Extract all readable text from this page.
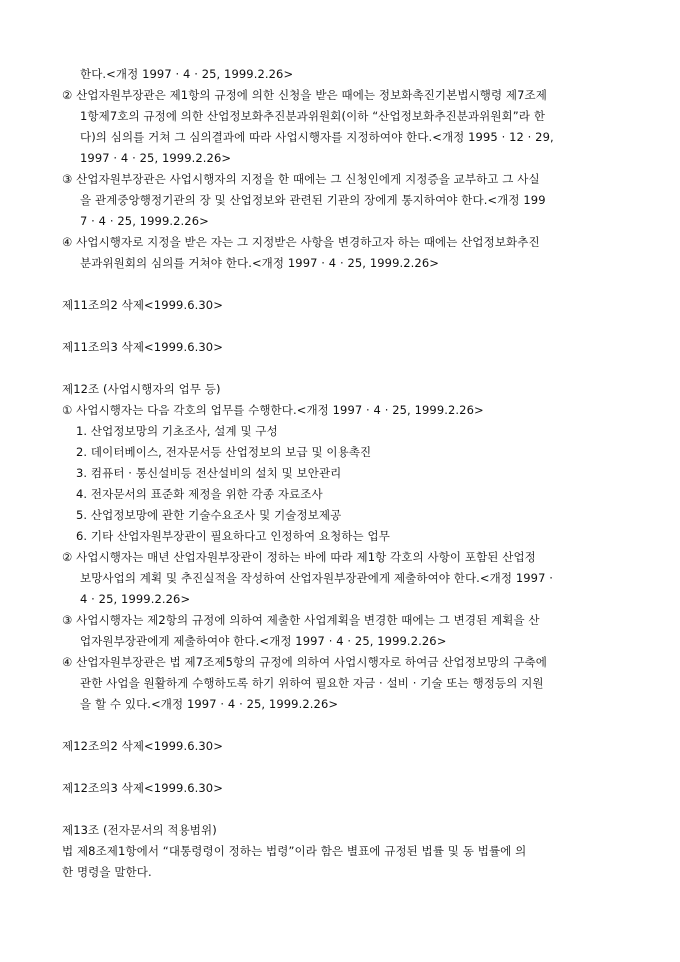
한다.<개정 1997 · 4 · 25, 1999.2.26>
② 산업자원부장관은 제1항의 규정에 의한 신청을 받은 때에는 정보화촉진기본법시행령 제7조제
1항제7호의 규정에 의한 산업정보화추진분과위원회(이하 “산업정보화추진분과위원회”라 한
다)의 심의를 거쳐 그 심의결과에 따라 사업시행자를 지정하여야 한다.<개정 1995 · 12 · 29,
1997 · 4 · 25, 1999.2.26>
③ 산업자원부장관은 사업시행자의 지정을 한 때에는 그 신청인에게 지정증을 교부하고 그 사실
을 관계중앙행정기관의 장 및 산업정보와 관련된 기관의 장에게 통지하여야 한다.<개정 199
7 · 4 · 25, 1999.2.26>
④ 사업시행자로 지정을 받은 자는 그 지정받은 사항을 변경하고자 하는 때에는 산업정보화추진
분과위원회의 심의를 거쳐야 한다.<개정 1997 · 4 · 25, 1999.2.26>
제11조의2 삭제<1999.6.30>
제11조의3 삭제<1999.6.30>
제12조 (사업시행자의 업무 등)
① 사업시행자는 다음 각호의 업무를 수행한다.<개정 1997 · 4 · 25, 1999.2.26>
1. 산업정보망의 기초조사, 설계 및 구성
2. 데이터베이스, 전자문서등 산업정보의 보급 및 이용촉진
3. 컴퓨터 · 통신설비등 전산설비의 설치 및 보안관리
4. 전자문서의 표준화 제정을 위한 각종 자료조사
5. 산업정보망에 관한 기술수요조사 및 기술정보제공
6. 기타 산업자원부장관이 필요하다고 인정하여 요청하는 업무
② 사업시행자는 매년 산업자원부장관이 정하는 바에 따라 제1항 각호의 사항이 포함된 산업정
보망사업의 계획 및 추진실적을 작성하여 산업자원부장관에게 제출하여야 한다.<개정 1997 ·
4 · 25, 1999.2.26>
③ 사업시행자는 제2항의 규정에 의하여 제출한 사업계획을 변경한 때에는 그 변경된 계획을 산
업자원부장관에게 제출하여야 한다.<개정 1997 · 4 · 25, 1999.2.26>
④ 산업자원부장관은 법 제7조제5항의 규정에 의하여 사업시행자로 하여금 산업정보망의 구축에
관한 사업을 원활하게 수행하도록 하기 위하여 필요한 자금 · 설비 · 기술 또는 행정등의 지원
을 할 수 있다.<개정 1997 · 4 · 25, 1999.2.26>
제12조의2 삭제<1999.6.30>
제12조의3 삭제<1999.6.30>
제13조 (전자문서의 적용범위)
법 제8조제1항에서 “대통령령이 정하는 법령”이라 함은 별표에 규정된 법률 및 동 법률에 의
한 명령을 말한다.
